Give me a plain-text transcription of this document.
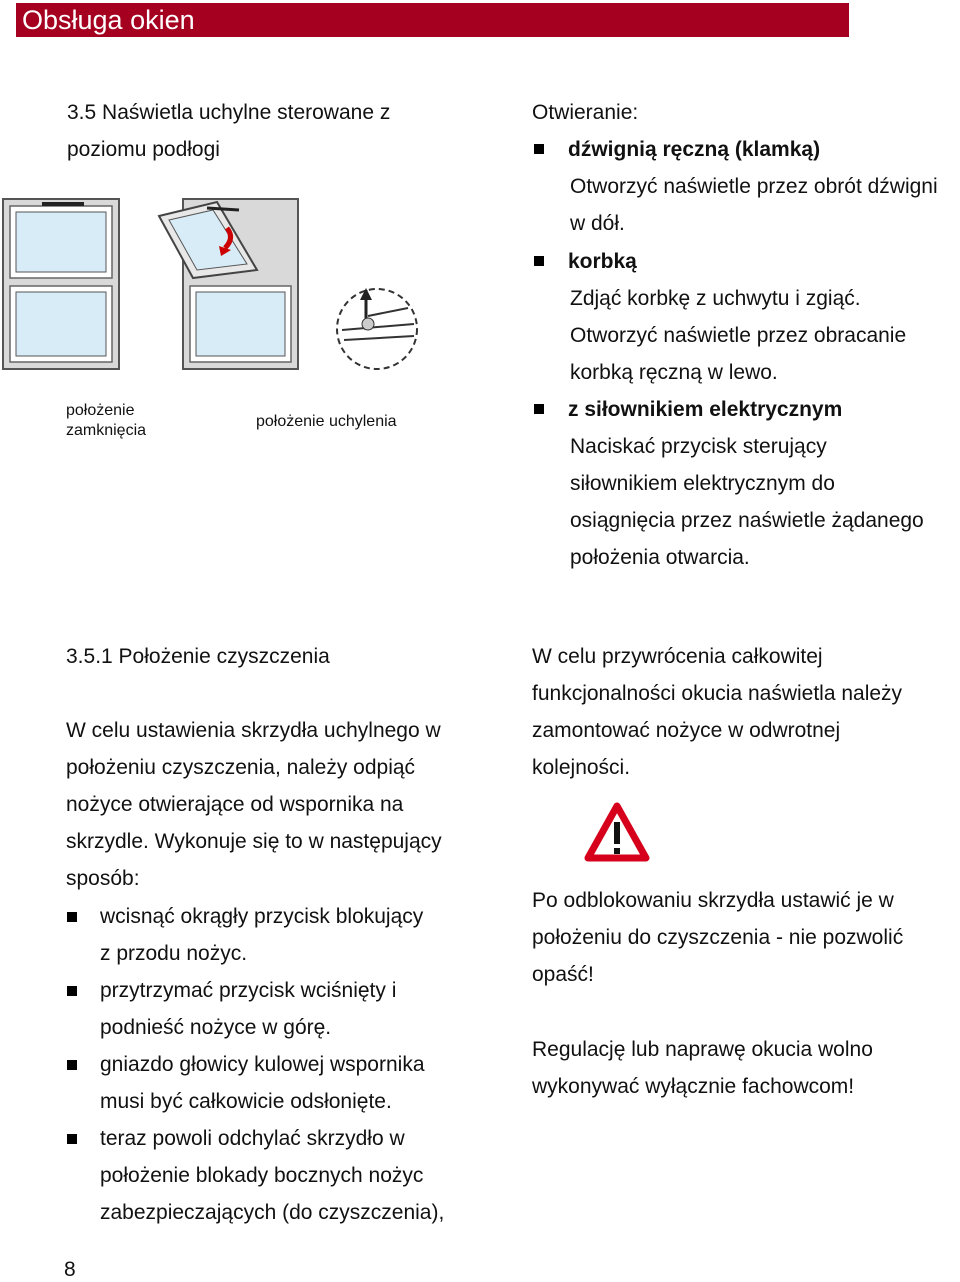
Obsługa okien
3.5 Naświetla uchylne sterowane z
poziomu podłogi
położenie
zamknięcia
położenie uchylenia
Otwieranie:
dźwignią ręczną (klamką)
Otworzyć naświetle przez obrót dźwigni
w dół.
korbką
Zdjąć korbkę z uchwytu i zgiąć.
Otworzyć naświetle przez obracanie
korbką ręczną w lewo.
z siłownikiem elektrycznym
Naciskać przycisk sterujący
siłownikiem elektrycznym do
osiągnięcia przez naświetle żądanego
położenia otwarcia.
3.5.1 Położenie czyszczenia
W celu ustawienia skrzydła uchylnego w
położeniu czyszczenia, należy odpiąć
nożyce otwierające od wspornika na
skrzydle. Wykonuje się to w następujący
sposób:
wcisnąć okrągły przycisk blokujący
z przodu nożyc.
przytrzymać przycisk wciśnięty i
podnieść nożyce w górę.
gniazdo głowicy kulowej wspornika
musi być całkowicie odsłonięte.
teraz powoli odchylać skrzydło w
położenie blokady bocznych nożyc
zabezpieczających (do czyszczenia),
W celu przywrócenia całkowitej
funkcjonalności okucia naświetla należy
zamontować nożyce w odwrotnej
kolejności.
Po odblokowaniu skrzydła ustawić je w
położeniu do czyszczenia - nie pozwolić
opaść!
Regulację lub naprawę okucia wolno
wykonywać wyłącznie fachowcom!
8
